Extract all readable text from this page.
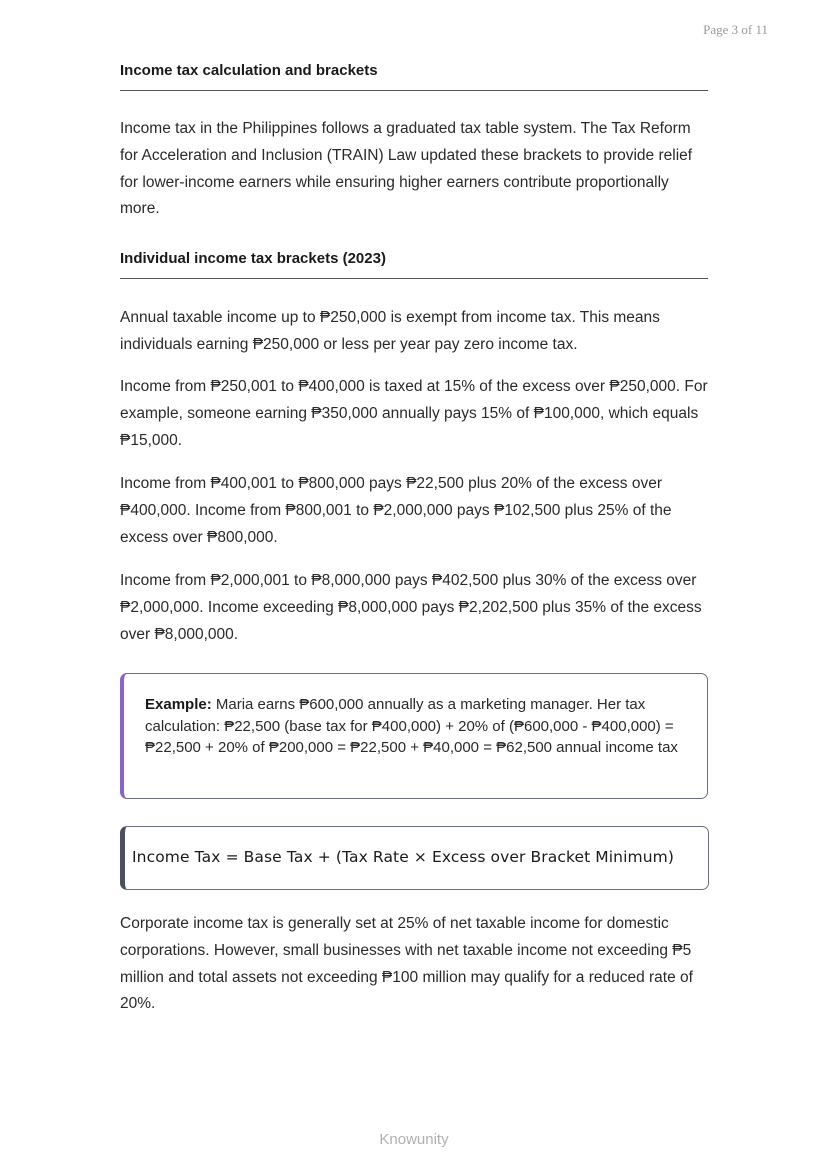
Page 3 of 11
Income tax calculation and brackets

Income tax in the Philippines follows a graduated tax table system. The Tax Reform for Acceleration and Inclusion (TRAIN) Law updated these brackets to provide relief for lower-income earners while ensuring higher earners contribute proportionally more.

Individual income tax brackets (2023)

Annual taxable income up to ₱250,000 is exempt from income tax. This means individuals earning ₱250,000 or less per year pay zero income tax.

Income from ₱250,001 to ₱400,000 is taxed at 15% of the excess over ₱250,000. For example, someone earning ₱350,000 annually pays 15% of ₱100,000, which equals ₱15,000.

Income from ₱400,001 to ₱800,000 pays ₱22,500 plus 20% of the excess over ₱400,000. Income from ₱800,001 to ₱2,000,000 pays ₱102,500 plus 25% of the excess over ₱800,000.

Income from ₱2,000,001 to ₱8,000,000 pays ₱402,500 plus 30% of the excess over ₱2,000,000. Income exceeding ₱8,000,000 pays ₱2,202,500 plus 35% of the excess over ₱8,000,000.

Corporate income tax is generally set at 25% of net taxable income for domestic corporations. However, small businesses with net taxable income not exceeding ₱5 million and total assets not exceeding ₱100 million may qualify for a reduced rate of 20%.

Example: Maria earns ₱600,000 annually as a marketing manager. Her tax calculation: ₱22,500 (base tax for ₱400,000) + 20% of (₱600,000 - ₱400,000) = ₱22,500 + 20% of ₱200,000 = ₱22,500 + ₱40,000 = ₱62,500 annual income tax
Income Tax = Base Tax + (Tax Rate × Excess over Bracket Minimum)
Knowunity
